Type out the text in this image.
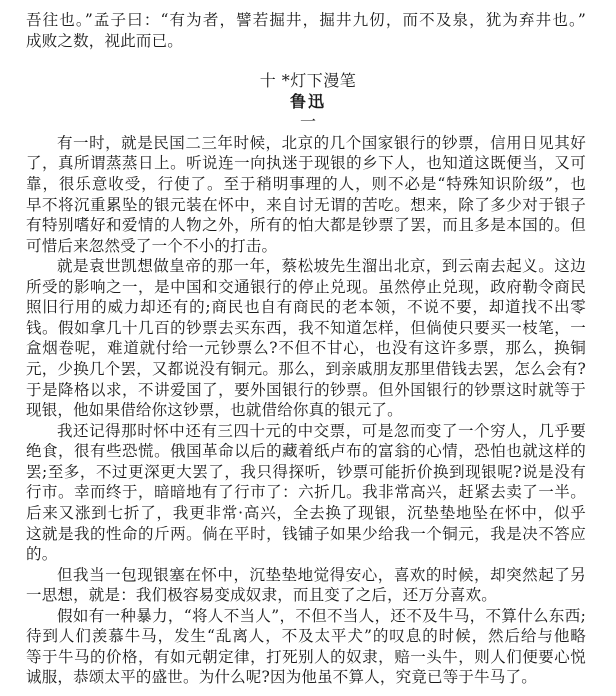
吾往也。”孟子曰：“有为者，譬若掘井，掘井九仞，而不及泉，犹为弃井也。”
成败之数，视此而已。
十 *灯下漫笔
鲁迅
一
有一时，就是民国二三年时候，北京的几个国家银行的钞票，信用日见其好
了，真所谓蒸蒸日上。听说连一向执迷于现银的乡下人，也知道这既便当，又可
靠，很乐意收受，行使了。至于稍明事理的人，则不必是“特殊知识阶级”，也
早不将沉重累坠的银元装在怀中，来自讨无谓的苦吃。想来，除了多少对于银子
有特别嗜好和爱情的人物之外，所有的怕大都是钞票了罢，而且多是本国的。但
可惜后来忽然受了一个不小的打击。
就是袁世凯想做皇帝的那一年，蔡松坡先生溜出北京，到云南去起义。这边
所受的影响之一，是中国和交通银行的停止兑现。虽然停止兑现，政府勒令商民
照旧行用的威力却还有的;商民也自有商民的老本领，不说不要，却道找不出零
钱。假如拿几十几百的钞票去买东西，我不知道怎样，但倘使只要买一枝笔，一
盒烟卷呢，难道就付给一元钞票么?不但不甘心，也没有这许多票，那么，换铜
元，少换几个罢，又都说没有铜元。那么，到亲戚朋友那里借钱去罢，怎么会有?
于是降格以求，不讲爱国了，要外国银行的钞票。但外国银行的钞票这时就等于
现银，他如果借给你这钞票，也就借给你真的银元了。
我还记得那时怀中还有三四十元的中交票，可是忽而变了一个穷人，几乎要
绝食，很有些恐慌。俄国革命以后的藏着纸卢布的富翁的心情，恐怕也就这样的
罢;至多，不过更深更大罢了，我只得探听，钞票可能折价换到现银呢?说是没有
行市。幸而终于，暗暗地有了行市了：六折几。我非常高兴，赶紧去卖了一半。
后来又涨到七折了，我更非常·高兴，全去换了现银，沉垫垫地坠在怀中，似乎
这就是我的性命的斤两。倘在平时，钱铺子如果少给我一个铜元，我是决不答应
的。
但我当一包现银塞在怀中，沉垫垫地觉得安心，喜欢的时候，却突然起了另
一思想，就是：我们极容易变成奴隶，而且变了之后，还万分喜欢。
假如有一种暴力，“将人不当人”，不但不当人，还不及牛马，不算什么东西;
待到人们羡慕牛马，发生“乱离人，不及太平犬”的叹息的时候，然后给与他略
等于牛马的价格，有如元朝定律，打死别人的奴隶，赔一头牛，则人们便要心悦
诚服，恭颂太平的盛世。为什么呢?因为他虽不算人，究竟已等于牛马了。
